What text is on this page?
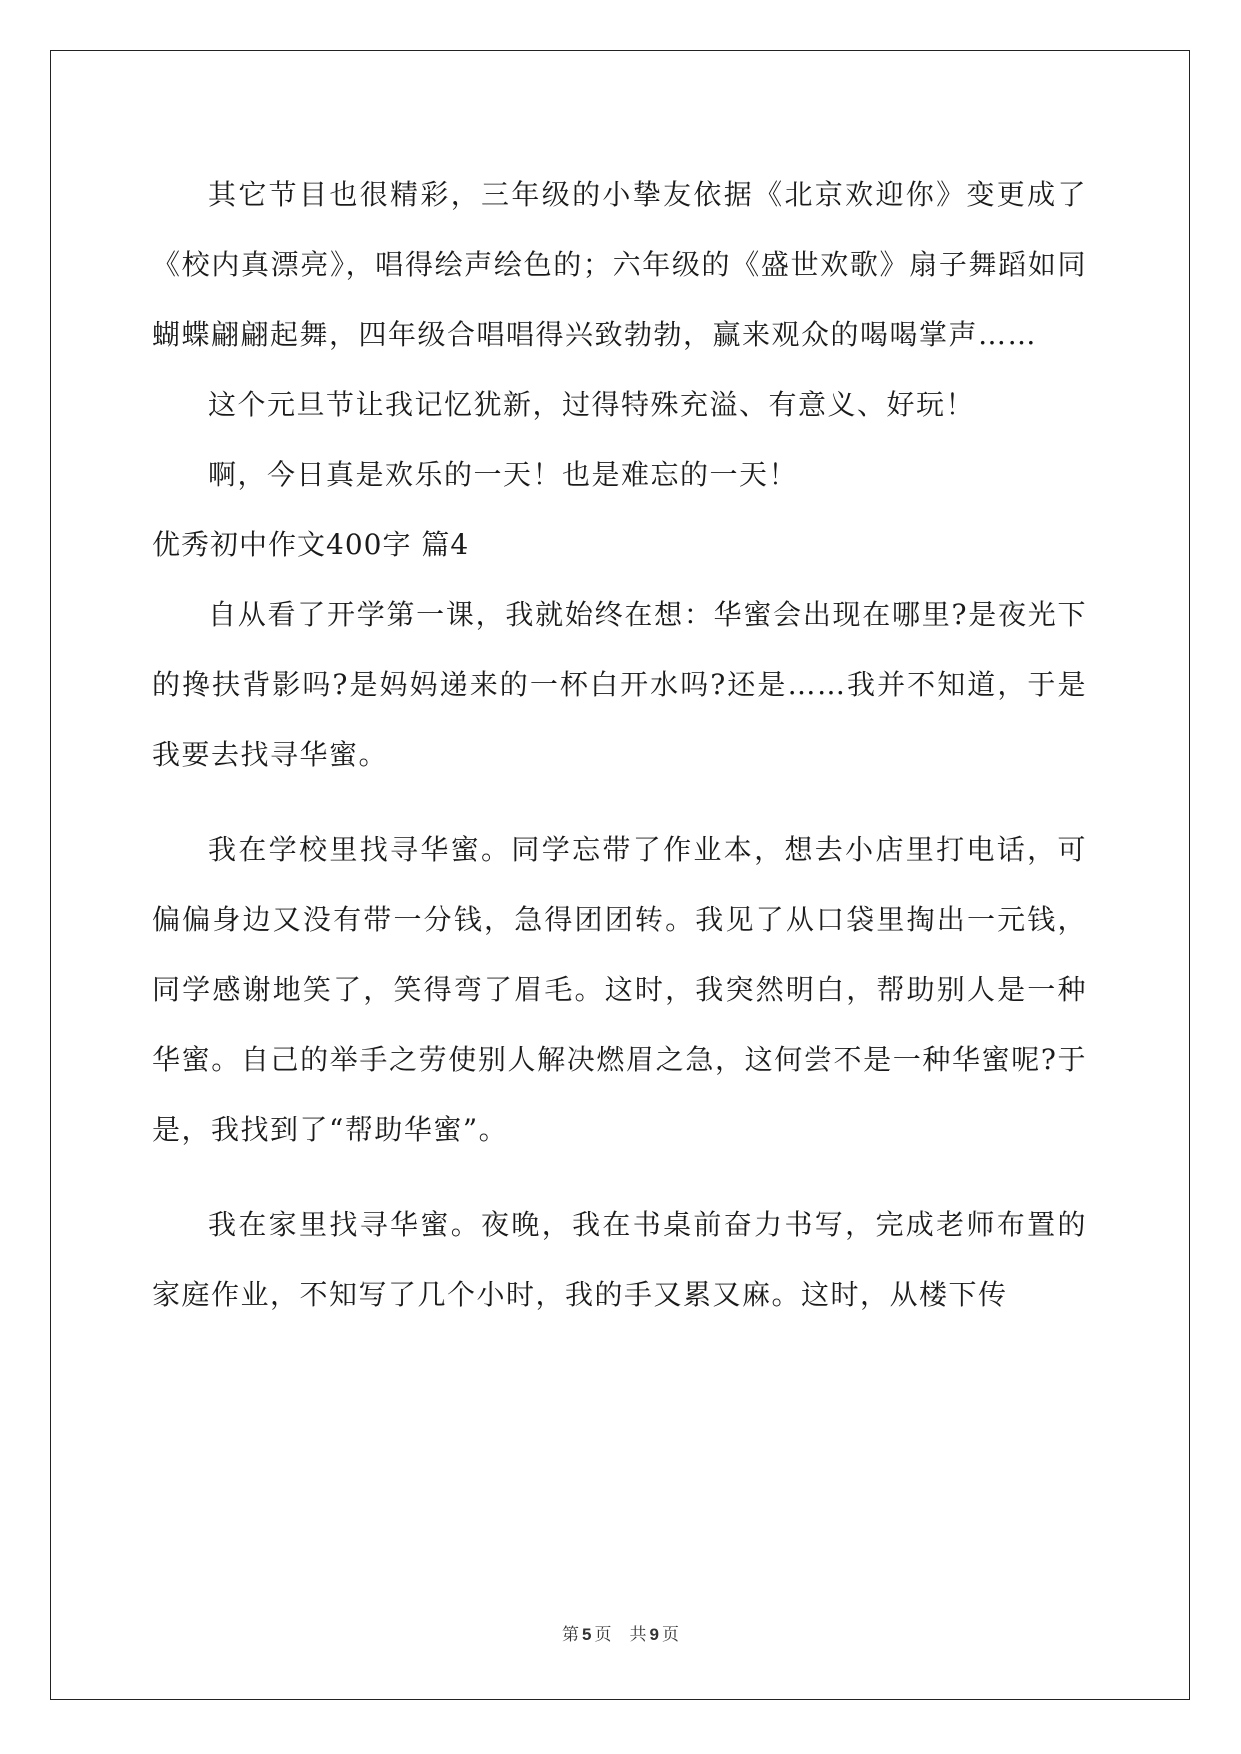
其它节目也很精彩，三年级的小挚友依据《北京欢迎你》变更成了《校内真漂亮》，唱得绘声绘色的；六年级的《盛世欢歌》扇子舞蹈如同蝴蝶翩翩起舞，四年级合唱唱得兴致勃勃，赢来观众的喝喝掌声……

这个元旦节让我记忆犹新，过得特殊充溢、有意义、好玩！

啊，今日真是欢乐的一天！也是难忘的一天！

优秀初中作文400字 篇4

自从看了开学第一课，我就始终在想：华蜜会出现在哪里?是夜光下的搀扶背影吗?是妈妈递来的一杯白开水吗?还是……我并不知道，于是我要去找寻华蜜。

我在学校里找寻华蜜。同学忘带了作业本，想去小店里打电话，可偏偏身边又没有带一分钱，急得团团转。我见了从口袋里掏出一元钱，同学感谢地笑了，笑得弯了眉毛。这时，我突然明白，帮助别人是一种华蜜。自己的举手之劳使别人解决燃眉之急，这何尝不是一种华蜜呢?于是，我找到了“帮助华蜜”。

我在家里找寻华蜜。夜晚，我在书桌前奋力书写，完成老师布置的家庭作业，不知写了几个小时，我的手又累又麻。这时，从楼下传

第 5 页 共 9 页
